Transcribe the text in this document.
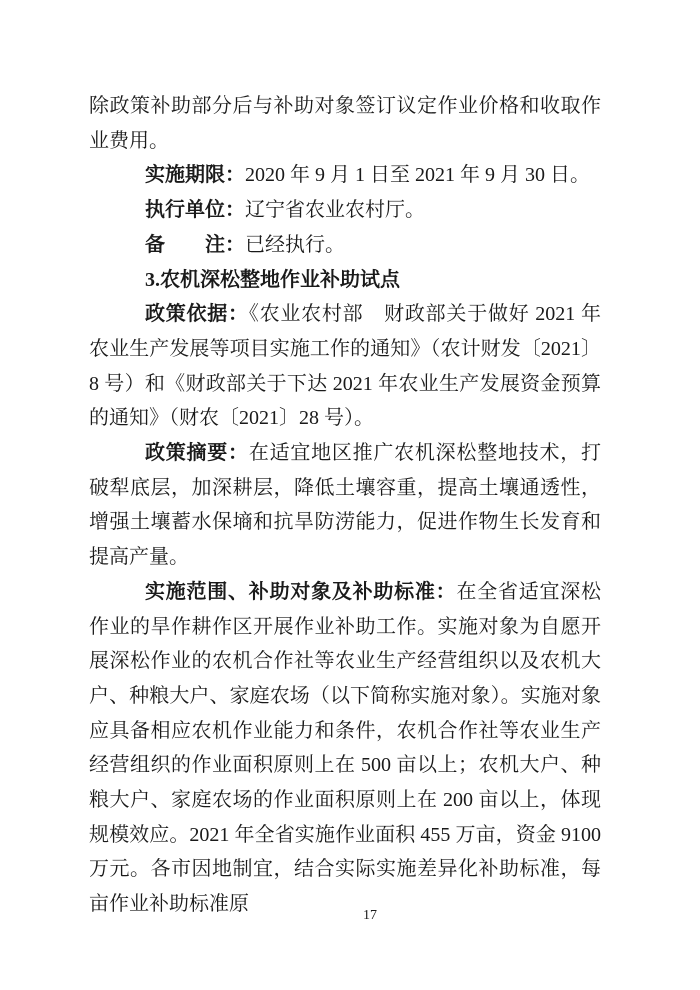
除政策补助部分后与补助对象签订议定作业价格和收取作业费用。

实施期限：2020 年 9 月 1 日至 2021 年 9 月 30 日。

执行单位：辽宁省农业农村厅。

备　　注：已经执行。

3.农机深松整地作业补助试点

政策依据：《农业农村部　财政部关于做好 2021 年农业生产发展等项目实施工作的通知》（农计财发〔2021〕8 号）和《财政部关于下达 2021 年农业生产发展资金预算的通知》（财农〔2021〕28 号）。

政策摘要：在适宜地区推广农机深松整地技术，打破犁底层，加深耕层，降低土壤容重，提高土壤通透性，增强土壤蓄水保墒和抗旱防涝能力，促进作物生长发育和提高产量。

实施范围、补助对象及补助标准：在全省适宜深松作业的旱作耕作区开展作业补助工作。实施对象为自愿开展深松作业的农机合作社等农业生产经营组织以及农机大户、种粮大户、家庭农场（以下简称实施对象）。实施对象应具备相应农机作业能力和条件，农机合作社等农业生产经营组织的作业面积原则上在 500 亩以上；农机大户、种粮大户、家庭农场的作业面积原则上在 200 亩以上，体现规模效应。2021 年全省实施作业面积 455 万亩，资金 9100 万元。各市因地制宜，结合实际实施差异化补助标准，每亩作业补助标准原

17
